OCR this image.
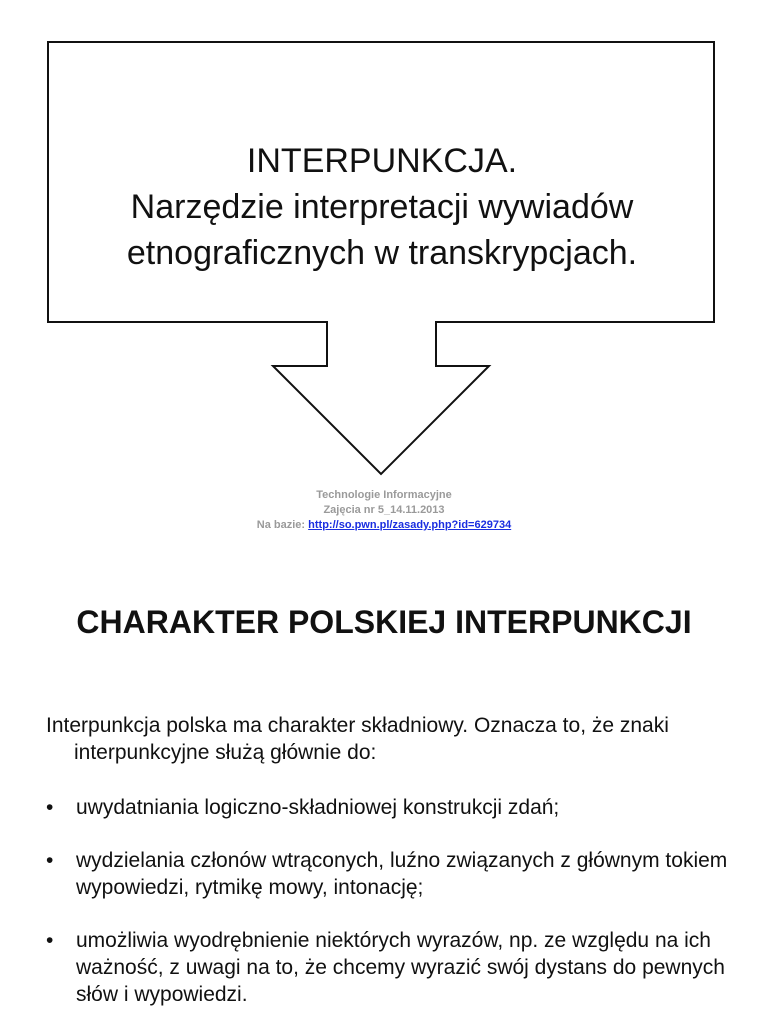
INTERPUNKCJA.
Narzędzie interpretacji wywiadów
etnograficznych w transkrypcjach.
Technologie Informacyjne
Zajęcia nr 5_14.11.2013
Na bazie: http://so.pwn.pl/zasady.php?id=629734
CHARAKTER POLSKIEJ INTERPUNKCJI

Interpunkcja polska ma charakter składniowy. Oznacza to, że znaki interpunkcyjne służą głównie do:

• uwydatniania logiczno-składniowej konstrukcji zdań;
• wydzielania członów wtrąconych, luźno związanych z głównym tokiem wypowiedzi, rytmikę mowy, intonację;
• umożliwia wyodrębnienie niektórych wyrazów, np. ze względu na ich ważność, z uwagi na to, że chcemy wyrazić swój dystans do pewnych słów i wypowiedzi.
